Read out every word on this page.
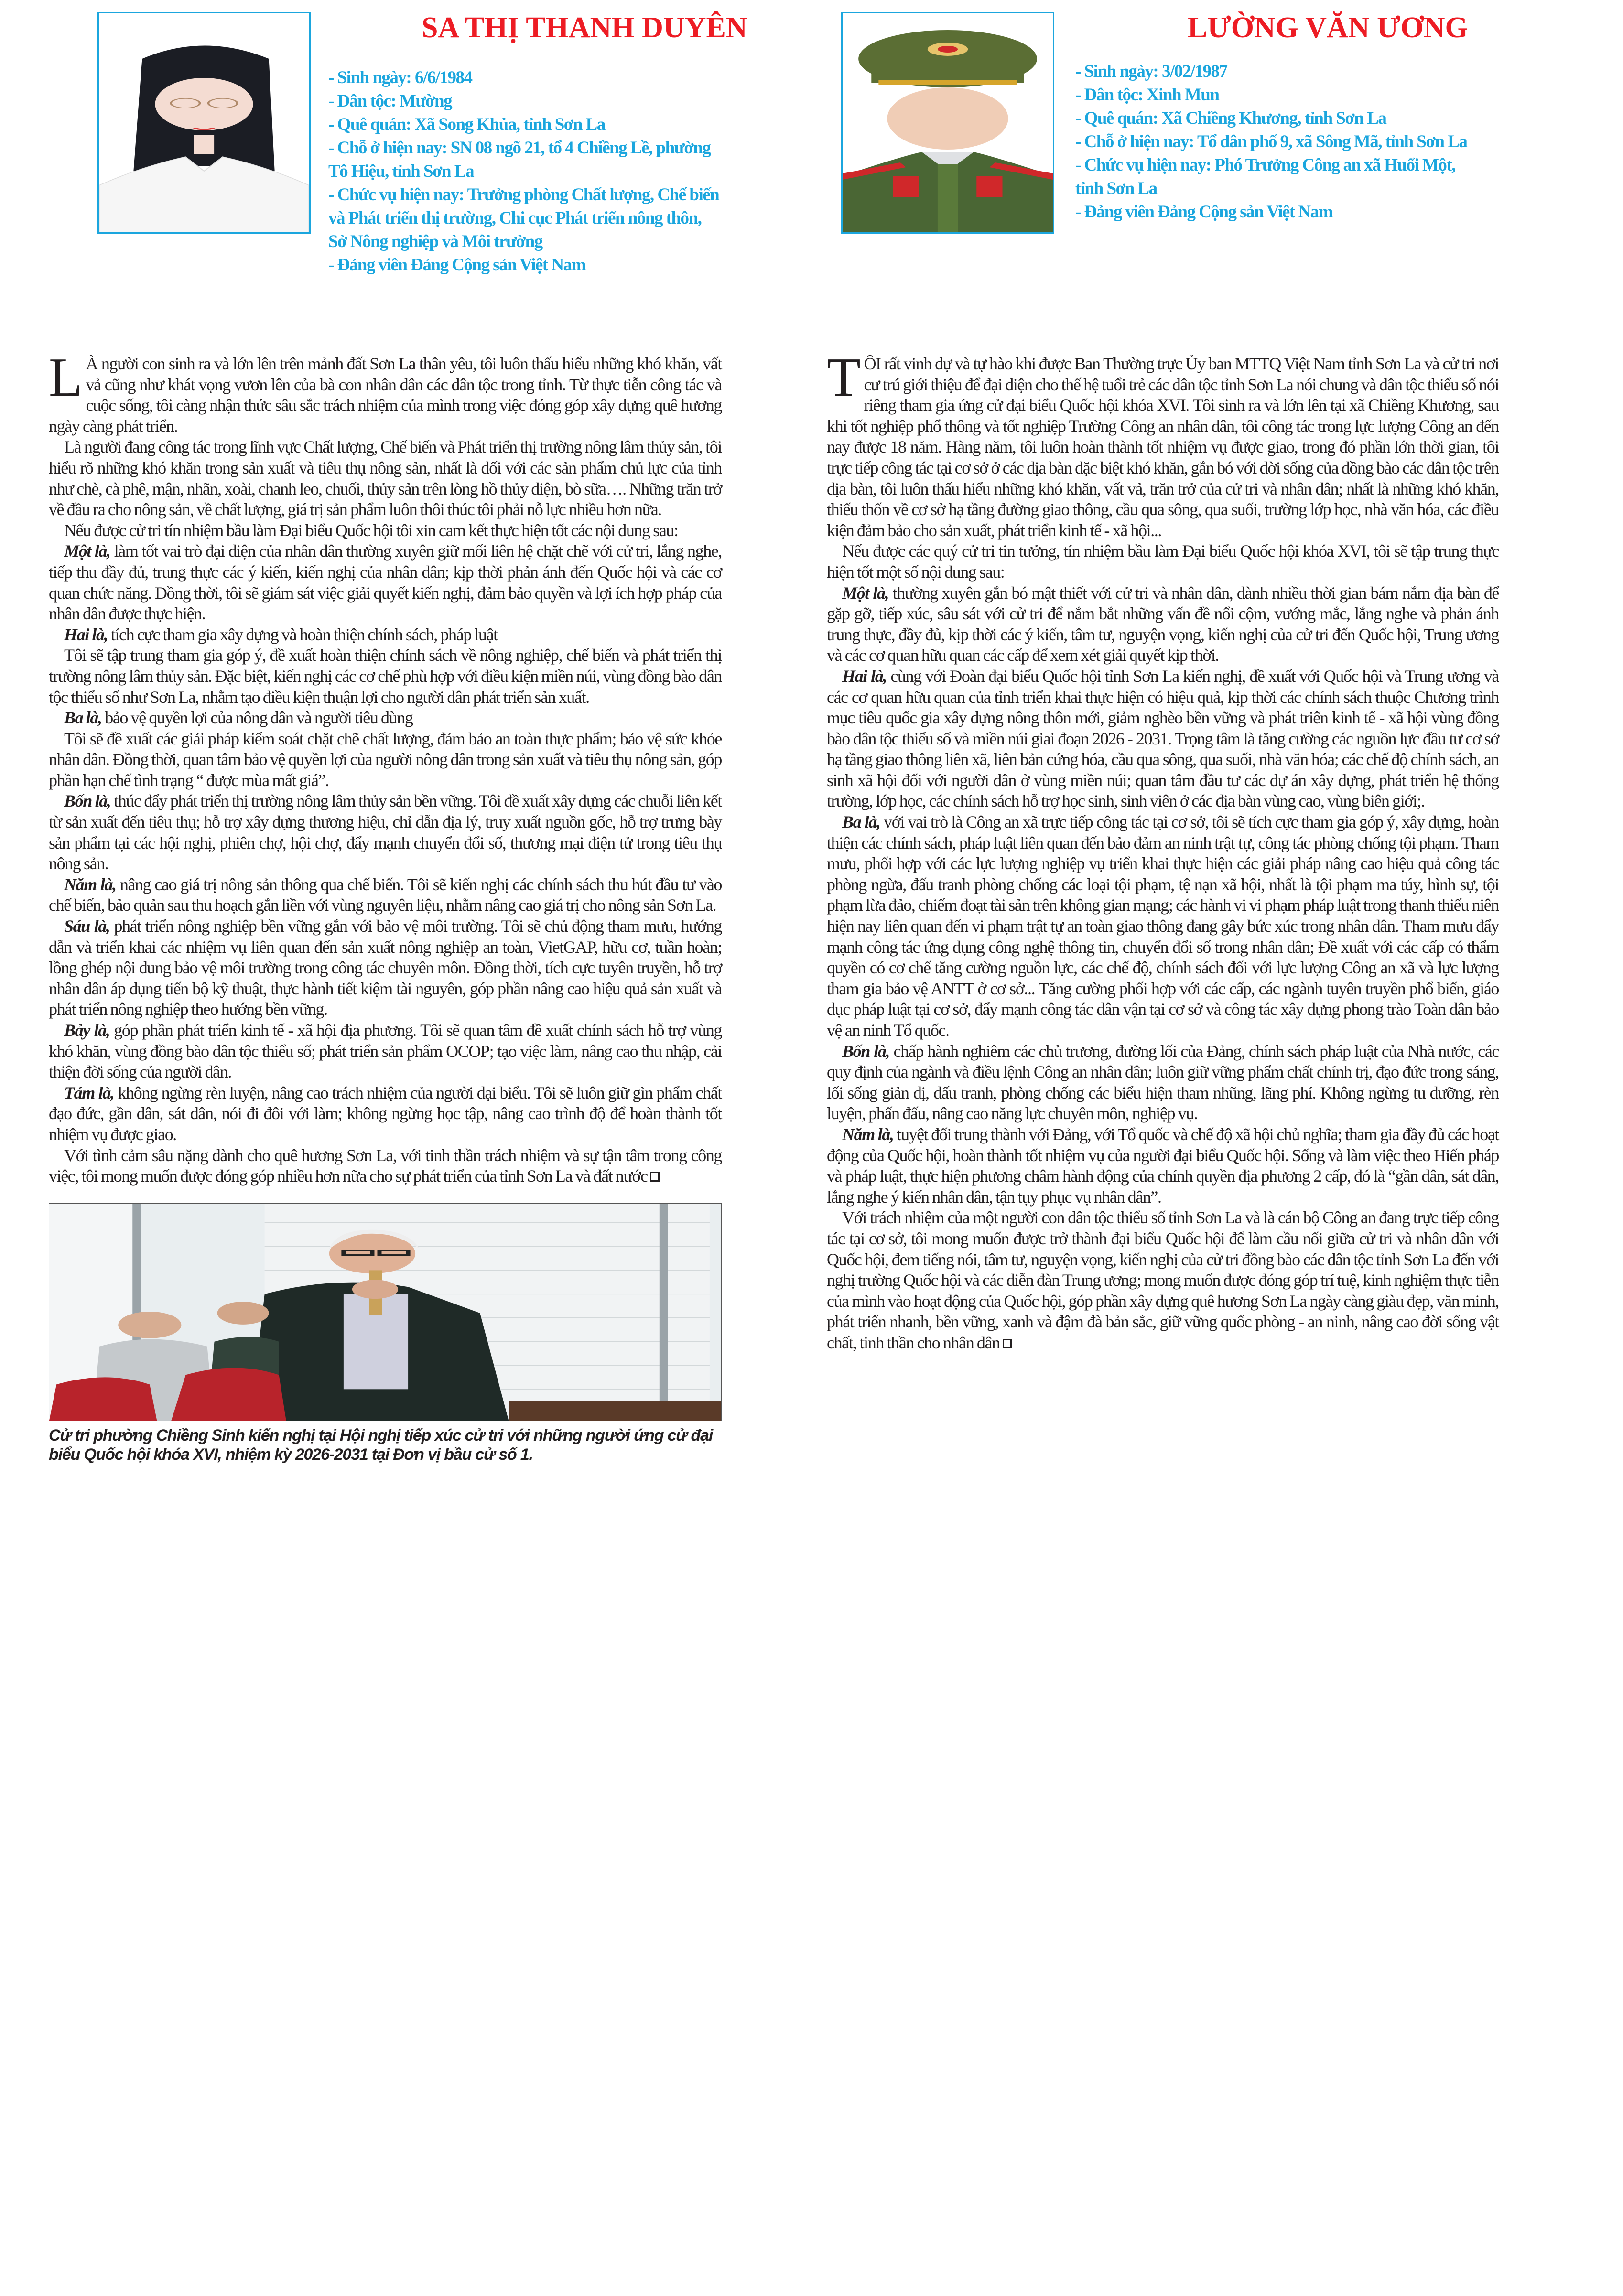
SA THỊ THANH DUYÊN
- Sinh ngày: 6/6/1984
- Dân tộc: Mường
- Quê quán: Xã Song Khủa, tỉnh Sơn La
- Chỗ ở hiện nay: SN 08 ngõ 21, tổ 4 Chiềng Lề, phường
Tô Hiệu, tỉnh Sơn La
- Chức vụ hiện nay: Trưởng phòng Chất lượng, Chế biến
và Phát triển thị trường, Chi cục Phát triển nông thôn,
Sở Nông nghiệp và Môi trường
- Đảng viên Đảng Cộng sản Việt Nam

L À người con sinh ra và lớn lên trên mảnh đất Sơn La thân yêu, tôi luôn thấu hiểu những khó khăn, vất vả cũng như khát vọng vươn lên của bà con nhân dân các dân tộc trong tỉnh. Từ thực tiễn công tác và cuộc sống, tôi càng nhận thức sâu sắc trách nhiệm của mình trong việc đóng góp xây dựng quê hương ngày càng phát triển.

Là người đang công tác trong lĩnh vực Chất lượng, Chế biến và Phát triển thị trường nông lâm thủy sản, tôi hiểu rõ những khó khăn trong sản xuất và tiêu thụ nông sản, nhất là đối với các sản phẩm chủ lực của tỉnh như chè, cà phê, mận, nhãn, xoài, chanh leo, chuối, thủy sản trên lòng hồ thủy điện, bò sữa…. Những trăn trở về đầu ra cho nông sản, về chất lượng, giá trị sản phẩm luôn thôi thúc tôi phải nỗ lực nhiều hơn nữa.

Nếu được cử tri tín nhiệm bầu làm Đại biểu Quốc hội tôi xin cam kết thực hiện tốt các nội dung sau:

Một là, làm tốt vai trò đại diện của nhân dân thường xuyên giữ mối liên hệ chặt chẽ với cử tri, lắng nghe, tiếp thu đầy đủ, trung thực các ý kiến, kiến nghị của nhân dân; kịp thời phản ánh đến Quốc hội và các cơ quan chức năng. Đồng thời, tôi sẽ giám sát việc giải quyết kiến nghị, đảm bảo quyền và lợi ích hợp pháp của nhân dân được thực hiện.

Hai là, tích cực tham gia xây dựng và hoàn thiện chính sách, pháp luật

Tôi sẽ tập trung tham gia góp ý, đề xuất hoàn thiện chính sách về nông nghiệp, chế biến và phát triển thị trường nông lâm thủy sản. Đặc biệt, kiến nghị các cơ chế phù hợp với điều kiện miền núi, vùng đồng bào dân tộc thiểu số như Sơn La, nhằm tạo điều kiện thuận lợi cho người dân phát triển sản xuất.

Ba là, bảo vệ quyền lợi của nông dân và người tiêu dùng

Tôi sẽ đề xuất các giải pháp kiểm soát chặt chẽ chất lượng, đảm bảo an toàn thực phẩm; bảo vệ sức khỏe nhân dân. Đồng thời, quan tâm bảo vệ quyền lợi của người nông dân trong sản xuất và tiêu thụ nông sản, góp phần hạn chế tình trạng “ được mùa mất giá”.

Bốn là, thúc đẩy phát triển thị trường nông lâm thủy sản bền vững. Tôi đề xuất xây dựng các chuỗi liên kết từ sản xuất đến tiêu thụ; hỗ trợ xây dựng thương hiệu, chỉ dẫn địa lý, truy xuất nguồn gốc, hỗ trợ trưng bày sản phẩm tại các hội nghị, phiên chợ, hội chợ, đẩy mạnh chuyển đổi số, thương mại điện tử trong tiêu thụ nông sản.

Năm là, nâng cao giá trị nông sản thông qua chế biến. Tôi sẽ kiến nghị các chính sách thu hút đầu tư vào chế biến, bảo quản sau thu hoạch gắn liền với vùng nguyên liệu, nhằm nâng cao giá trị cho nông sản Sơn La.

Sáu là, phát triển nông nghiệp bền vững gắn với bảo vệ môi trường. Tôi sẽ chủ động tham mưu, hướng dẫn và triển khai các nhiệm vụ liên quan đến sản xuất nông nghiệp an toàn, VietGAP, hữu cơ, tuần hoàn; lồng ghép nội dung bảo vệ môi trường trong công tác chuyên môn. Đồng thời, tích cực tuyên truyền, hỗ trợ nhân dân áp dụng tiến bộ kỹ thuật, thực hành tiết kiệm tài nguyên, góp phần nâng cao hiệu quả sản xuất và phát triển nông nghiệp theo hướng bền vững.

Bảy là, góp phần phát triển kinh tế - xã hội địa phương. Tôi sẽ quan tâm đề xuất chính sách hỗ trợ vùng khó khăn, vùng đồng bào dân tộc thiểu số; phát triển sản phẩm OCOP; tạo việc làm, nâng cao thu nhập, cải thiện đời sống của người dân.

Tám là, không ngừng rèn luyện, nâng cao trách nhiệm của người đại biểu. Tôi sẽ luôn giữ gìn phẩm chất đạo đức, gần dân, sát dân, nói đi đôi với làm; không ngừng học tập, nâng cao trình độ để hoàn thành tốt nhiệm vụ được giao.

Với tình cảm sâu nặng dành cho quê hương Sơn La, với tinh thần trách nhiệm và sự tận tâm trong công việc, tôi mong muốn được đóng góp nhiều hơn nữa cho sự phát triển của tỉnh Sơn La và đất nước

Cử tri phường Chiềng Sinh kiến nghị tại Hội nghị tiếp xúc cử tri với những người ứng cử đại biểu Quốc hội khóa XVI, nhiệm kỳ 2026-2031 tại Đơn vị bầu cử số 1.
LƯỜNG VĂN ƯƠNG
- Sinh ngày: 3/02/1987
- Dân tộc: Xinh Mun
- Quê quán: Xã Chiềng Khương, tỉnh Sơn La
- Chỗ ở hiện nay: Tổ dân phố 9, xã Sông Mã, tỉnh Sơn La
- Chức vụ hiện nay: Phó Trưởng Công an xã Huổi Một,
tỉnh Sơn La
- Đảng viên Đảng Cộng sản Việt Nam

TÔI rất vinh dự và tự hào khi được Ban Thường trực Ủy ban MTTQ Việt Nam tỉnh Sơn La và cử tri nơi cư trú giới thiệu để đại diện cho thế hệ tuổi trẻ các dân tộc tỉnh Sơn La nói chung và dân tộc thiểu số nói riêng tham gia ứng cử đại biểu Quốc hội khóa XVI. Tôi sinh ra và lớn lên tại xã Chiềng Khương, sau khi tốt nghiệp phổ thông và tốt nghiệp Trường Công an nhân dân, tôi công tác trong lực lượng Công an đến nay được 18 năm. Hàng năm, tôi luôn hoàn thành tốt nhiệm vụ được giao, trong đó phần lớn thời gian, tôi trực tiếp công tác tại cơ sở ở các địa bàn đặc biệt khó khăn, gắn bó với đời sống của đồng bào các dân tộc trên địa bàn, tôi luôn thấu hiểu những khó khăn, vất vả, trăn trở của cử tri và nhân dân; nhất là những khó khăn, thiếu thốn về cơ sở hạ tầng đường giao thông, cầu qua sông, qua suối, trường lớp học, nhà văn hóa, các điều kiện đảm bảo cho sản xuất, phát triển kinh tế - xã hội...

Nếu được các quý cử tri tin tưởng, tín nhiệm bầu làm Đại biểu Quốc hội khóa XVI, tôi sẽ tập trung thực hiện tốt một số nội dung sau:

Một là, thường xuyên gắn bó mật thiết với cử tri và nhân dân, dành nhiều thời gian bám nắm địa bàn để gặp gỡ, tiếp xúc, sâu sát với cử tri để nắm bắt những vấn đề nổi cộm, vướng mắc, lắng nghe và phản ánh trung thực, đầy đủ, kịp thời các ý kiến, tâm tư, nguyện vọng, kiến nghị của cử tri đến Quốc hội, Trung ương và các cơ quan hữu quan các cấp để xem xét giải quyết kịp thời.

Hai là, cùng với Đoàn đại biểu Quốc hội tỉnh Sơn La kiến nghị, đề xuất với Quốc hội và Trung ương và các cơ quan hữu quan của tỉnh triển khai thực hiện có hiệu quả, kịp thời các chính sách thuộc Chương trình mục tiêu quốc gia xây dựng nông thôn mới, giảm nghèo bền vững và phát triển kinh tế - xã hội vùng đồng bào dân tộc thiểu số và miền núi giai đoạn 2026 - 2031. Trọng tâm là tăng cường các nguồn lực đầu tư cơ sở hạ tầng giao thông liên xã, liên bản cứng hóa, cầu qua sông, qua suối, nhà văn hóa; các chế độ chính sách, an sinh xã hội đối với người dân ở vùng miền núi; quan tâm đầu tư các dự án xây dựng, phát triển hệ thống trường, lớp học, các chính sách hỗ trợ học sinh, sinh viên ở các địa bàn vùng cao, vùng biên giới;.

Ba là, với vai trò là Công an xã trực tiếp công tác tại cơ sở, tôi sẽ tích cực tham gia góp ý, xây dựng, hoàn thiện các chính sách, pháp luật liên quan đến bảo đảm an ninh trật tự, công tác phòng chống tội phạm. Tham mưu, phối hợp với các lực lượng nghiệp vụ triển khai thực hiện các giải pháp nâng cao hiệu quả công tác phòng ngừa, đấu tranh phòng chống các loại tội phạm, tệ nạn xã hội, nhất là tội phạm ma túy, hình sự, tội phạm lừa đảo, chiếm đoạt tài sản trên không gian mạng; các hành vi vi phạm pháp luật trong thanh thiếu niên hiện nay liên quan đến vi phạm trật tự an toàn giao thông đang gây bức xúc trong nhân dân. Tham mưu đẩy mạnh công tác ứng dụng công nghệ thông tin, chuyển đổi số trong nhân dân; Đề xuất với các cấp có thẩm quyền có cơ chế tăng cường nguồn lực, các chế độ, chính sách đối với lực lượng Công an xã và lực lượng tham gia bảo vệ ANTT ở cơ sở... Tăng cường phối hợp với các cấp, các ngành tuyên truyền phổ biến, giáo dục pháp luật tại cơ sở, đẩy mạnh công tác dân vận tại cơ sở và công tác xây dựng phong trào Toàn dân bảo vệ an ninh Tổ quốc.

Bốn là, chấp hành nghiêm các chủ trương, đường lối của Đảng, chính sách pháp luật của Nhà nước, các quy định của ngành và điều lệnh Công an nhân dân; luôn giữ vững phẩm chất chính trị, đạo đức trong sáng, lối sống giản dị, đấu tranh, phòng chống các biểu hiện tham nhũng, lãng phí. Không ngừng tu dưỡng, rèn luyện, phấn đấu, nâng cao năng lực chuyên môn, nghiệp vụ.

Năm là, tuyệt đối trung thành với Đảng, với Tổ quốc và chế độ xã hội chủ nghĩa; tham gia đầy đủ các hoạt động của Quốc hội, hoàn thành tốt nhiệm vụ của người đại biểu Quốc hội. Sống và làm việc theo Hiến pháp và pháp luật, thực hiện phương châm hành động của chính quyền địa phương 2 cấp, đó là “gần dân, sát dân, lắng nghe ý kiến nhân dân, tận tụy phục vụ nhân dân”.

Với trách nhiệm của một người con dân tộc thiểu số tỉnh Sơn La và là cán bộ Công an đang trực tiếp công tác tại cơ sở, tôi mong muốn được trở thành đại biểu Quốc hội để làm cầu nối giữa cử tri và nhân dân với Quốc hội, đem tiếng nói, tâm tư, nguyện vọng, kiến nghị của cử tri đồng bào các dân tộc tỉnh Sơn La đến với nghị trường Quốc hội và các diễn đàn Trung ương; mong muốn được đóng góp trí tuệ, kinh nghiệm thực tiễn của mình vào hoạt động của Quốc hội, góp phần xây dựng quê hương Sơn La ngày càng giàu đẹp, văn minh, phát triển nhanh, bền vững, xanh và đậm đà bản sắc, giữ vững quốc phòng - an ninh, nâng cao đời sống vật chất, tinh thần cho nhân dân
